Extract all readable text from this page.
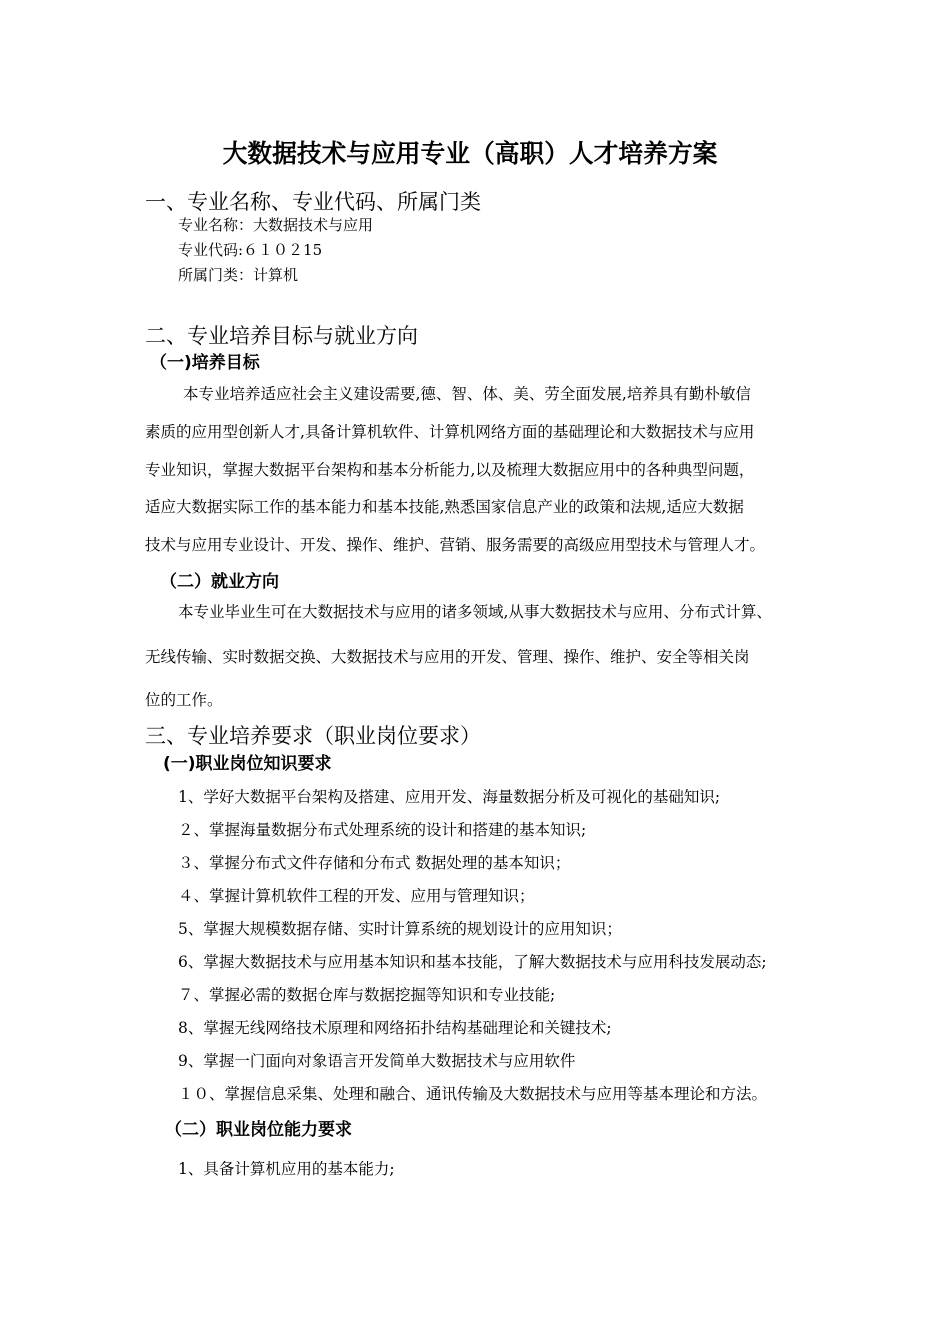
大数据技术与应用专业（高职）人才培养方案
一、专业名称、专业代码、所属门类
专业名称：大数据技术与应用
专业代码:６１０２15
所属门类：计算机
二、专业培养目标与就业方向
（一)培养目标
本专业培养适应社会主义建设需要,德、智、体、美、劳全面发展,培养具有勤朴敏信
素质的应用型创新人才,具备计算机软件、计算机网络方面的基础理论和大数据技术与应用
专业知识，掌握大数据平台架构和基本分析能力,以及梳理大数据应用中的各种典型问题，
适应大数据实际工作的基本能力和基本技能,熟悉国家信息产业的政策和法规,适应大数据
技术与应用专业设计、开发、操作、维护、营销、服务需要的高级应用型技术与管理人才。
（二）就业方向
本专业毕业生可在大数据技术与应用的诸多领域,从事大数据技术与应用、分布式计算、
无线传输、实时数据交换、大数据技术与应用的开发、管理、操作、维护、安全等相关岗
位的工作。
三、专业培养要求（职业岗位要求）
(一)职业岗位知识要求
1、学好大数据平台架构及搭建、应用开发、海量数据分析及可视化的基础知识;
２、掌握海量数据分布式处理系统的设计和搭建的基本知识;
３、掌握分布式文件存储和分布式 数据处理的基本知识；
４、掌握计算机软件工程的开发、应用与管理知识；
5、掌握大规模数据存储、实时计算系统的规划设计的应用知识；
6、掌握大数据技术与应用基本知识和基本技能，了解大数据技术与应用科技发展动态;
７、掌握必需的数据仓库与数据挖掘等知识和专业技能;
8、掌握无线网络技术原理和网络拓扑结构基础理论和关键技术;
9、掌握一门面向对象语言开发简单大数据技术与应用软件
１０、掌握信息采集、处理和融合、通讯传输及大数据技术与应用等基本理论和方法。
（二）职业岗位能力要求
1、具备计算机应用的基本能力;
